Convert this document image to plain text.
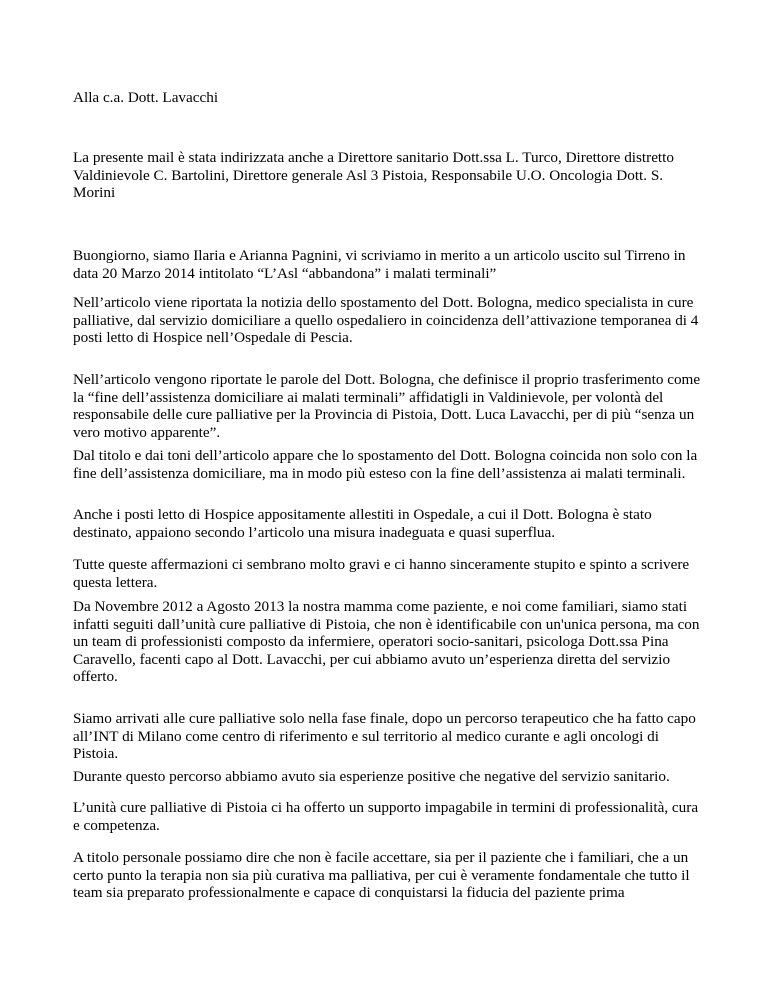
Alla c.a. Dott. Lavacchi

La presente mail è stata indirizzata anche a Direttore sanitario Dott.ssa L. Turco, Direttore distretto Valdinievole C. Bartolini, Direttore generale Asl 3 Pistoia, Responsabile U.O. Oncologia Dott. S. Morini

Buongiorno, siamo Ilaria e Arianna Pagnini, vi scriviamo in merito a un articolo uscito sul Tirreno in data 20 Marzo 2014 intitolato “L’Asl “abbandona” i malati terminali”

Nell’articolo viene riportata la notizia dello spostamento del Dott. Bologna, medico specialista in cure palliative, dal servizio domiciliare a quello ospedaliero in coincidenza dell’attivazione temporanea di 4 posti letto di Hospice nell’Ospedale di Pescia.

Nell’articolo vengono riportate le parole del Dott. Bologna, che definisce il proprio trasferimento come la “fine dell’assistenza domiciliare ai malati terminali” affidatigli in Valdinievole, per volontà del responsabile delle cure palliative per la Provincia di Pistoia, Dott. Luca Lavacchi, per di più “senza un vero motivo apparente”.

Dal titolo e dai toni dell’articolo appare che lo spostamento del Dott. Bologna coincida non solo con la fine dell’assistenza domiciliare, ma in modo più esteso con la fine dell’assistenza ai malati terminali.

Anche i posti letto di Hospice appositamente allestiti in Ospedale, a cui il Dott. Bologna è stato destinato, appaiono secondo l’articolo una misura inadeguata e quasi superflua.

Tutte queste affermazioni ci sembrano molto gravi e ci hanno sinceramente stupito e spinto a scrivere questa lettera.

Da Novembre 2012 a Agosto 2013 la nostra mamma come paziente, e noi come familiari, siamo stati infatti seguiti dall’unità cure palliative di Pistoia, che non è identificabile con un'unica persona, ma con un team di professionisti composto da infermiere, operatori socio-sanitari, psicologa Dott.ssa Pina Caravello, facenti capo al Dott. Lavacchi, per cui abbiamo avuto un’esperienza diretta del servizio offerto.

Siamo arrivati alle cure palliative solo nella fase finale, dopo un percorso terapeutico che ha fatto capo all’INT di Milano come centro di riferimento e sul territorio al medico curante e agli oncologi di Pistoia.

Durante questo percorso abbiamo avuto sia esperienze positive che negative del servizio sanitario.

L’unità cure palliative di Pistoia ci ha offerto un supporto impagabile in termini di professionalità, cura e competenza.

A titolo personale possiamo dire che non è facile accettare, sia per il paziente che i familiari, che a un certo punto la terapia non sia più curativa ma palliativa, per cui è veramente fondamentale che tutto il team sia preparato professionalmente e capace di conquistarsi la fiducia del paziente prima
